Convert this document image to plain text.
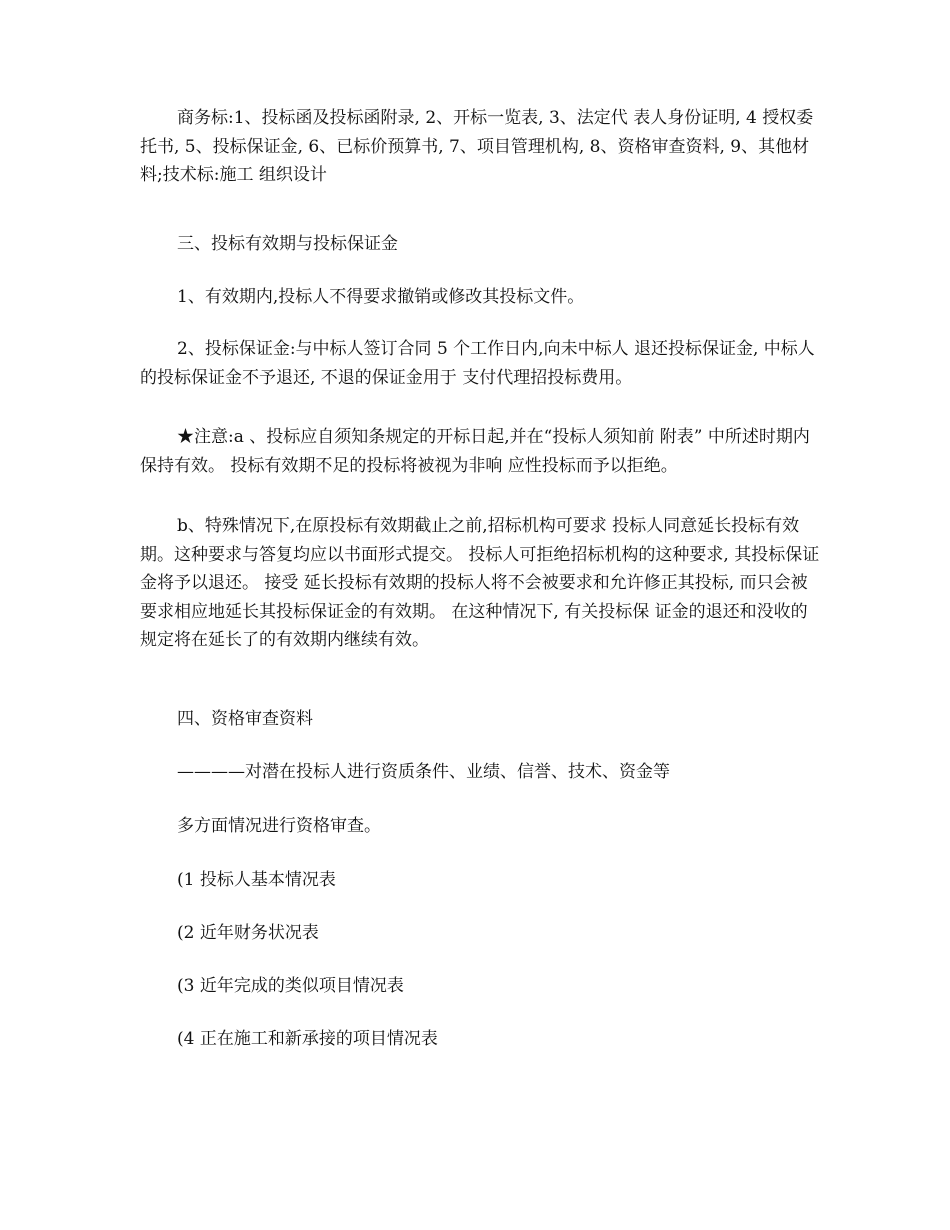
商务标:1、投标函及投标函附录, 2、开标一览表, 3、法定代 表人身份证明, 4 授权委托书, 5、投标保证金, 6、已标价预算书, 7、项目管理机构, 8、资格审查资料, 9、其他材料;技术标:施工 组织设计

三、投标有效期与投标保证金

1、有效期内,投标人不得要求撤销或修改其投标文件。

2、投标保证金:与中标人签订合同 5 个工作日内,向未中标人 退还投标保证金, 中标人的投标保证金不予退还, 不退的保证金用于 支付代理招投标费用。

★注意:a 、投标应自须知条规定的开标日起,并在“投标人须知前 附表” 中所述时期内保持有效。 投标有效期不足的投标将被视为非响 应性投标而予以拒绝。

b、特殊情况下,在原投标有效期截止之前,招标机构可要求 投标人同意延长投标有效期。这种要求与答复均应以书面形式提交。 投标人可拒绝招标机构的这种要求, 其投标保证金将予以退还。 接受 延长投标有效期的投标人将不会被要求和允许修正其投标, 而只会被 要求相应地延长其投标保证金的有效期。 在这种情况下, 有关投标保 证金的退还和没收的规定将在延长了的有效期内继续有效。

四、资格审查资料

————对潜在投标人进行资质条件、业绩、信誉、技术、资金等

多方面情况进行资格审查。

(1 投标人基本情况表

(2 近年财务状况表

(3 近年完成的类似项目情况表

(4 正在施工和新承接的项目情况表
